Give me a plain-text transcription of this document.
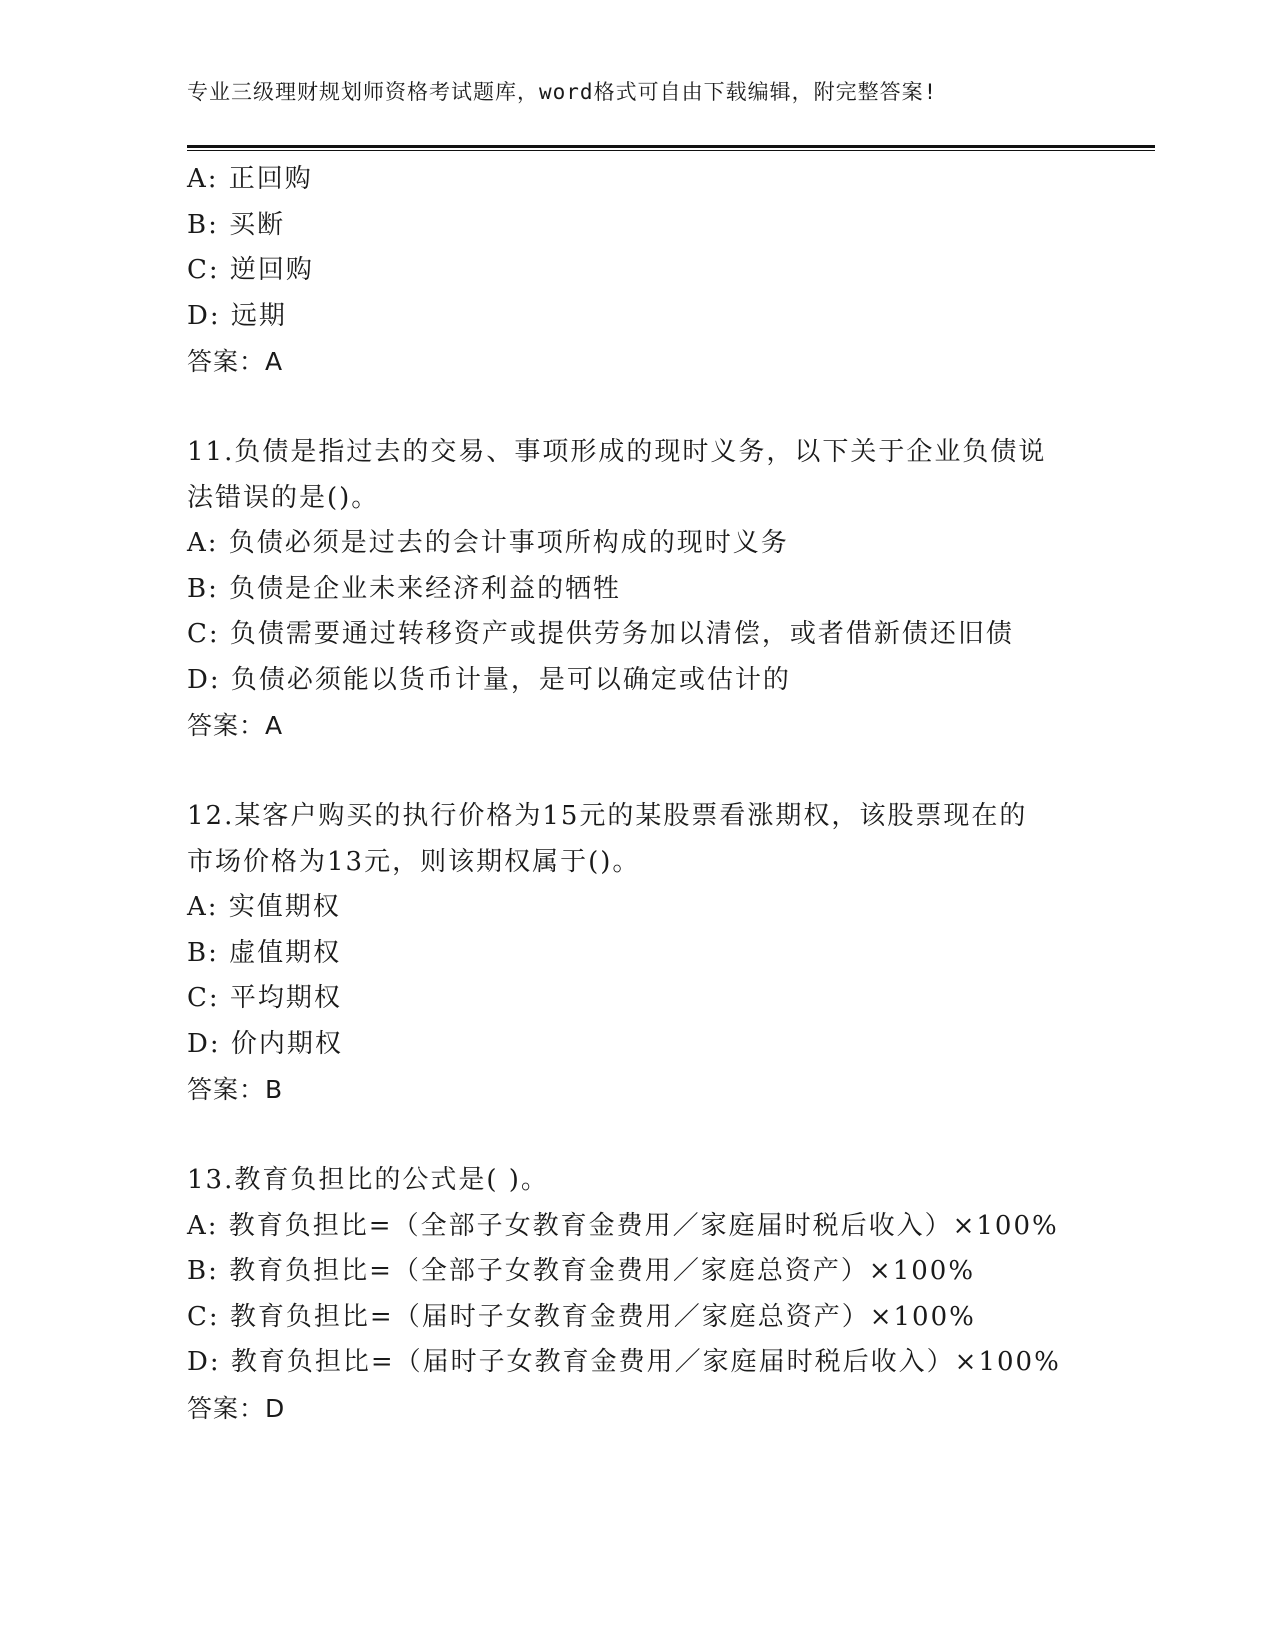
专业三级理财规划师资格考试题库，word格式可自由下载编辑，附完整答案!
A: 正回购
B: 买断
C: 逆回购
D: 远期
答案：A
11.负债是指过去的交易、事项形成的现时义务，以下关于企业负债说
法错误的是()。
A: 负债必须是过去的会计事项所构成的现时义务
B: 负债是企业未来经济利益的牺牲
C: 负债需要通过转移资产或提供劳务加以清偿，或者借新债还旧债
D: 负债必须能以货币计量，是可以确定或估计的
答案：A
12.某客户购买的执行价格为15元的某股票看涨期权，该股票现在的
市场价格为13元，则该期权属于()。
A: 实值期权
B: 虚值期权
C: 平均期权
D: 价内期权
答案：B
13.教育负担比的公式是( )。
A: 教育负担比=（全部子女教育金费用／家庭届时税后收入）×100%
B: 教育负担比=（全部子女教育金费用／家庭总资产）×100%
C: 教育负担比=（届时子女教育金费用／家庭总资产）×100%
D: 教育负担比=（届时子女教育金费用／家庭届时税后收入）×100%
答案：D
